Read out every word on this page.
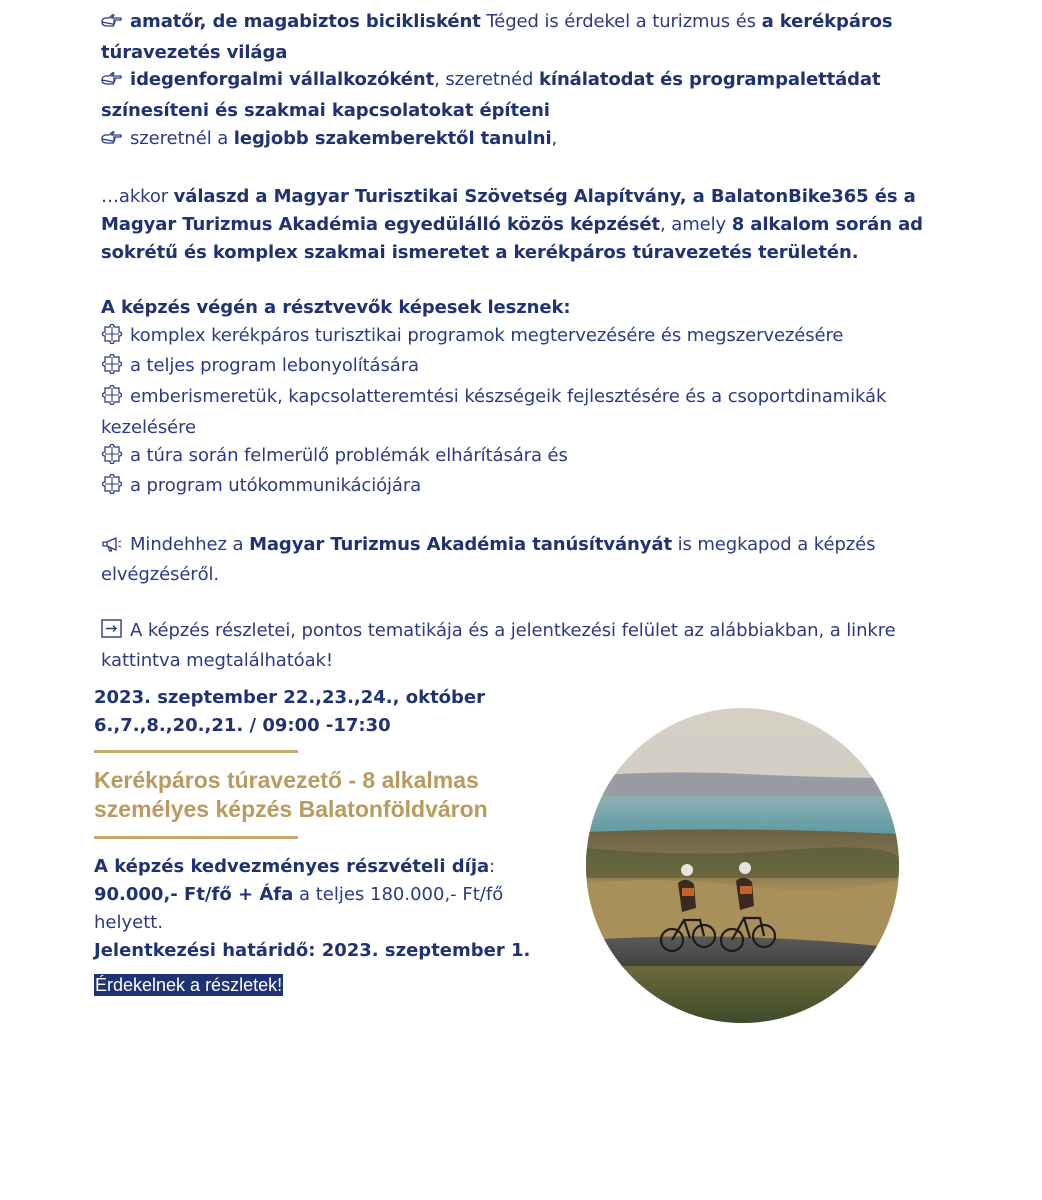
amatőr, de magabiztos biciklisként Téged is érdekel a turizmus és a kerékpáros túravezetés világa

idegenforgalmi vállalkozóként, szeretnéd kínálatodat és programpalettádat színesíteni és szakmai kapcsolatokat építeni

szeretnél a legjobb szakemberektől tanulni,

…akkor válaszd a Magyar Turisztikai Szövetség Alapítvány, a BalatonBike365 és a Magyar Turizmus Akadémia egyedülálló közös képzését, amely 8 alkalom során ad sokrétű és komplex szakmai ismeretet a kerékpáros túravezetés területén.

A képzés végén a résztvevők képesek lesznek:

komplex kerékpáros turisztikai programok megtervezésére és megszervezésére

a teljes program lebonyolítására

emberismeretük, kapcsolatteremtési készségeik fejlesztésére és a csoportdinamikák kezelésére

a túra során felmerülő problémák elhárítására és

a program utókommunikációjára

Mindehhez a Magyar Turizmus Akadémia tanúsítványát is megkapod a képzés elvégzéséről.

A képzés részletei, pontos tematikája és a jelentkezési felület az alábbiakban, a linkre kattintva megtalálhatóak!

2023. szeptember 22.,23.,24., október
6.,7.,8.,20.,21. / 09:00 -17:30

Kerékpáros túravezető - 8 alkalmas
személyes képzés Balatonföldváron

A képzés kedvezményes részvételi díja: 90.000,- Ft/fő + Áfa a teljes 180.000,- Ft/fő helyett.

Jelentkezési határidő: 2023. szeptember 1.

Érdekelnek a részletek!
